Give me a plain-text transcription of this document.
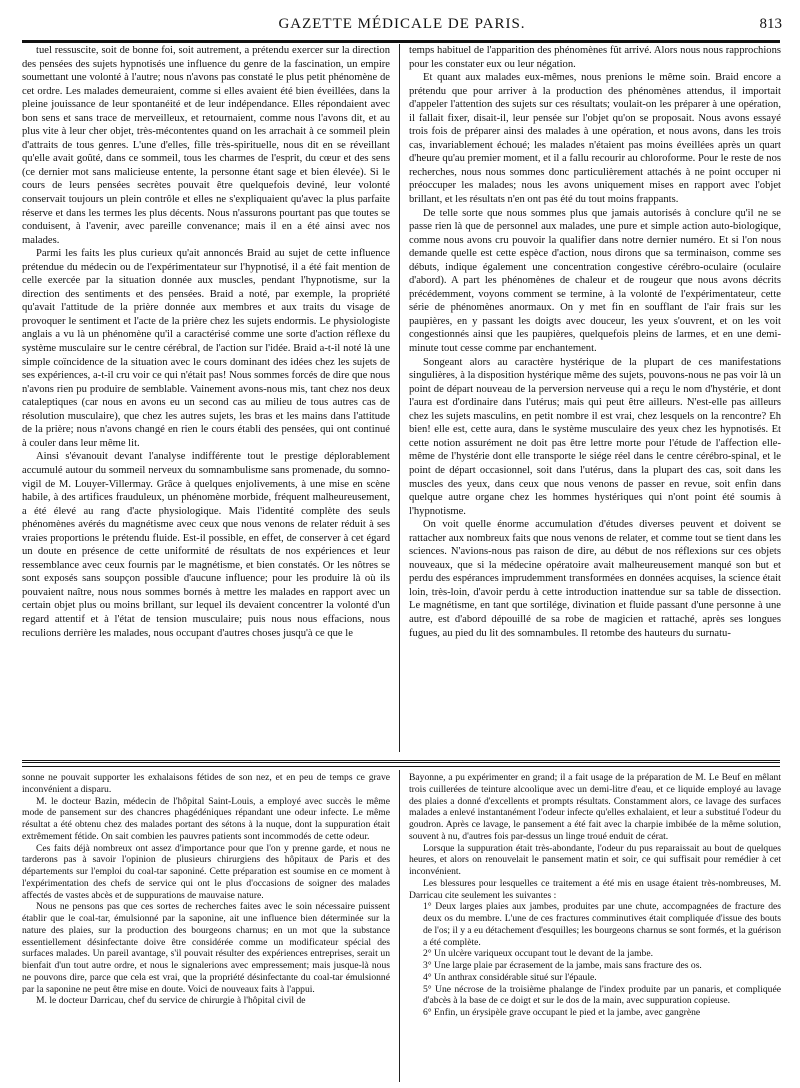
GAZETTE MÉDICALE DE PARIS.	813

tuel ressuscite, soit de bonne foi, soit autrement, a prétendu exercer sur la direction des pensées des sujets hypnotisés une influence du genre de la fascination, un empire soumettant une volonté à l'autre; nous n'avons pas constaté le plus petit phénomène de cet ordre. Les malades demeuraient, comme si elles avaient été bien éveillées, dans la pleine jouissance de leur spontanéité et de leur indépendance. Elles répondaient avec bon sens et sans trace de merveilleux, et retournaient, comme nous l'avons dit, et au plus vite à leur cher objet, très-mécontentes quand on les arrachait à ce sommeil plein d'attraits de tous genres. L'une d'elles, fille très-spirituelle, nous dit en se réveillant qu'elle avait goûté, dans ce sommeil, tous les charmes de l'esprit, du cœur et des sens (ce dernier mot sans malicieuse entente, la personne étant sage et bien élevée). Si le cours de leurs pensées secrètes pouvait être quelquefois deviné, leur volonté conservait toujours un plein contrôle et elles ne s'expliquaient qu'avec la plus parfaite réserve et dans les termes les plus décents. Nous n'assurons pourtant pas que toutes se conduisent, à l'avenir, avec pareille convenance; mais il en a été ainsi avec nos malades.

Parmi les faits les plus curieux qu'ait annoncés Braid au sujet de cette influence prétendue du médecin ou de l'expérimentateur sur l'hypnotisé, il a été fait mention de celle exercée par la situation donnée aux muscles, pendant l'hypnotisme, sur la direction des sentiments et des pensées. Braid a noté, par exemple, la propriété qu'avait l'attitude de la prière donnée aux membres et aux traits du visage de provoquer le sentiment et l'acte de la prière chez les sujets endormis. Le physiologiste anglais a vu là un phénomène qu'il a caractérisé comme une sorte d'action réflexe du système musculaire sur le centre cérébral, de l'action sur l'idée. Braid a-t-il noté là une simple coïncidence de la situation avec le cours dominant des idées chez les sujets de ses expériences, a-t-il cru voir ce qui n'était pas! Nous sommes forcés de dire que nous n'avons rien pu produire de semblable. Vainement avons-nous mis, tant chez nos deux cataleptiques (car nous en avons eu un second cas au milieu de tous autres cas de résolution musculaire), que chez les autres sujets, les bras et les mains dans l'attitude de la prière; nous n'avons changé en rien le cours établi des pensées, qui ont continué à couler dans leur même lit.

Ainsi s'évanouit devant l'analyse indifférente tout le prestige déplorablement accumulé autour du sommeil nerveux du somnambulisme sans promenade, du somno-vigil de M. Louyer-Villermay. Grâce à quelques enjolivements, à une mise en scène habile, à des artifices frauduleux, un phénomène morbide, fréquent malheureusement, a été élevé au rang d'acte physiologique. Mais l'identité complète des seuls phénomènes avérés du magnétisme avec ceux que nous venons de relater réduit à ses vraies proportions le prétendu fluide. Est-il possible, en effet, de conserver à cet égard un doute en présence de cette uniformité de résultats de nos expériences et leur ressemblance avec ceux fournis par le magnétisme, et bien constatés. Or les nôtres se sont exposés sans soupçon possible d'aucune influence; pour les produire là où ils pouvaient naître, nous nous sommes bornés à mettre les malades en rapport avec un certain objet plus ou moins brillant, sur lequel ils devaient concentrer la volonté d'un regard attentif et à l'état de tension musculaire; puis nous nous effacions, nous reculions derrière les malades, nous occupant d'autres choses jusqu'à ce que le

temps habituel de l'apparition des phénomènes fût arrivé. Alors nous nous rapprochions pour les constater eux ou leur négation.

Et quant aux malades eux-mêmes, nous prenions le même soin. Braid encore a prétendu que pour arriver à la production des phénomènes attendus, il importait d'appeler l'attention des sujets sur ces résultats; voulait-on les préparer à une opération, il fallait fixer, disait-il, leur pensée sur l'objet qu'on se proposait. Nous avons essayé trois fois de préparer ainsi des malades à une opération, et nous avons, dans les trois cas, invariablement échoué; les malades n'étaient pas moins éveillées après un quart d'heure qu'au premier moment, et il a fallu recourir au chloroforme. Pour le reste de nos recherches, nous nous sommes donc particulièrement attachés à ne point occuper ni préoccuper les malades; nous les avons uniquement mises en rapport avec l'objet brillant, et les résultats n'en ont pas été du tout moins frappants.

De telle sorte que nous sommes plus que jamais autorisés à conclure qu'il ne se passe rien là que de personnel aux malades, une pure et simple action auto-biologique, comme nous avons cru pouvoir la qualifier dans notre dernier numéro. Et si l'on nous demande quelle est cette espèce d'action, nous dirons que sa terminaison, comme ses débuts, indique également une concentration congestive cérébro-oculaire (oculaire d'abord). A part les phénomènes de chaleur et de rougeur que nous avons décrits précédemment, voyons comment se termine, à la volonté de l'expérimentateur, cette série de phénomènes anormaux. On y met fin en soufflant de l'air frais sur les paupières, en y passant les doigts avec douceur, les yeux s'ouvrent, et on les voit congestionnés ainsi que les paupières, quelquefois pleins de larmes, et en une demi-minute tout cesse comme par enchantement.

Songeant alors au caractère hystérique de la plupart de ces manifestations singulières, à la disposition hystérique même des sujets, pouvons-nous ne pas voir là un point de départ nouveau de la perversion nerveuse qui a reçu le nom d'hystérie, et dont l'aura est d'ordinaire dans l'utérus; mais qui peut être ailleurs. N'est-elle pas ailleurs chez les sujets masculins, en petit nombre il est vrai, chez lesquels on la rencontre? Eh bien! elle est, cette aura, dans le système musculaire des yeux chez les hypnotisés. Et cette notion assurément ne doit pas être lettre morte pour l'étude de l'affection elle-même de l'hystérie dont elle transporte le siége réel dans le centre cérébro-spinal, et le point de départ occasionnel, soit dans l'utérus, dans la plupart des cas, soit dans les muscles des yeux, dans ceux que nous venons de passer en revue, soit enfin dans quelque autre organe chez les hommes hystériques qui n'ont point été soumis à l'hypnotisme.

On voit quelle énorme accumulation d'études diverses peuvent et doivent se rattacher aux nombreux faits que nous venons de relater, et comme tout se tient dans les sciences. N'avions-nous pas raison de dire, au début de nos réflexions sur ces objets nouveaux, que si la médecine opératoire avait malheureusement manqué son but et perdu des espérances imprudemment transformées en données acquises, la science était loin, très-loin, d'avoir perdu à cette introduction inattendue sur sa table de dissection. Le magnétisme, en tant que sortilége, divination et fluide passant d'une personne à une autre, est d'abord dépouillé de sa robe de magicien et rattaché, après ses longues fugues, au pied du lit des somnambules. Il retombe des hauteurs du surnatu-

sonne ne pouvait supporter les exhalaisons fétides de son nez, et en peu de temps ce grave inconvénient a disparu.

M. le docteur Bazin, médecin de l'hôpital Saint-Louis, a employé avec succès le même mode de pansement sur des chancres phagédéniques répandant une odeur infecte. Le même résultat a été obtenu chez des malades portant des sétons à la nuque, dont la suppuration était extrêmement fétide. On sait combien les pauvres patients sont incommodés de cette odeur.

Ces faits déjà nombreux ont assez d'importance pour que l'on y prenne garde, et nous ne tarderons pas à savoir l'opinion de plusieurs chirurgiens des hôpitaux de Paris et des départements sur l'emploi du coal-tar saponiné. Cette préparation est soumise en ce moment à l'expérimentation des chefs de service qui ont le plus d'occasions de soigner des malades affectés de vastes abcès et de suppurations de mauvaise nature.

Nous ne pensons pas que ces sortes de recherches faites avec le soin nécessaire puissent établir que le coal-tar, émulsionné par la saponine, ait une influence bien déterminée sur la nature des plaies, sur la production des bourgeons charnus; en un mot que la substance essentiellement désinfectante doive être considérée comme un modificateur spécial des surfaces malades. Un pareil avantage, s'il pouvait résulter des expériences entreprises, serait un bienfait d'un tout autre ordre, et nous le signalerions avec empressement; mais jusque-là nous ne pouvons dire, parce que cela est vrai, que la propriété désinfectante du coal-tar émulsionné par la saponine ne peut être mise en doute. Voici de nouveaux faits à l'appui.

M. le docteur Darricau, chef du service de chirurgie à l'hôpital civil de

Bayonne, a pu expérimenter en grand; il a fait usage de la préparation de M. Le Beuf en mêlant trois cuillerées de teinture alcoolique avec un demi-litre d'eau, et ce liquide employé au lavage des plaies a donné d'excellents et prompts résultats. Constamment alors, ce lavage des surfaces malades a enlevé instantanément l'odeur infecte qu'elles exhalaient, et leur a substitué l'odeur du goudron. Après ce lavage, le pansement a été fait avec la charpie imbibée de la même solution, souvent à nu, d'autres fois par-dessus un linge troué enduit de cérat.

Lorsque la suppuration était très-abondante, l'odeur du pus reparaissait au bout de quelques heures, et alors on renouvelait le pansement matin et soir, ce qui suffisait pour remédier à cet inconvénient.

Les blessures pour lesquelles ce traitement a été mis en usage étaient très-nombreuses, M. Darricau cite seulement les suivantes :

1° Deux larges plaies aux jambes, produites par une chute, accompagnées de fracture des deux os du membre. L'une de ces fractures comminutives était compliquée d'issue des bouts de l'os; il y a eu détachement d'esquilles; les bourgeons charnus se sont formés, et la guérison a été complète.

2° Un ulcère variqueux occupant tout le devant de la jambe.

3° Une large plaie par écrasement de la jambe, mais sans fracture des os.

4° Un anthrax considérable situé sur l'épaule.

5° Une nécrose de la troisième phalange de l'index produite par un panaris, et compliquée d'abcès à la base de ce doigt et sur le dos de la main, avec suppuration copieuse.

6° Enfin, un érysipèle grave occupant le pied et la jambe, avec gangrène
